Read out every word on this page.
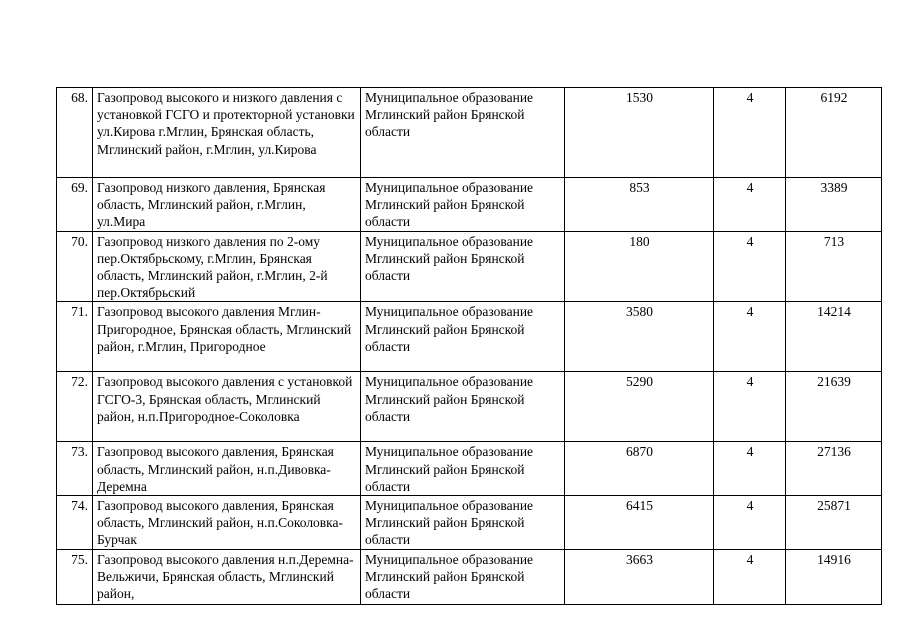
68.	Газопровод высокого и низкого давления с установкой ГСГО и протекторной установки ул.Кирова г.Мглин, Брянская область, Мглинский район, г.Мглин, ул.Кирова	Муниципальное образование Мглинский район Брянской области	1530	4	6192
69.	Газопровод низкого давления, Брянская область, Мглинский район, г.Мглин, ул.Мира	Муниципальное образование Мглинский район Брянской области	853	4	3389
70.	Газопровод низкого давления по 2-ому пер.Октябрьскому, г.Мглин, Брянская область, Мглинский район, г.Мглин, 2-й пер.Октябрьский	Муниципальное образование Мглинский район Брянской области	180	4	713
71.	Газопровод высокого давления Мглин-Пригородное, Брянская область, Мглинский район, г.Мглин, Пригородное	Муниципальное образование Мглинский район Брянской области	3580	4	14214
72.	Газопровод высокого давления с установкой ГСГО-3, Брянская область, Мглинский район, н.п.Пригородное-Соколовка	Муниципальное образование Мглинский район Брянской области	5290	4	21639
73.	Газопровод высокого давления, Брянская область, Мглинский район, н.п.Дивовка-Деремна	Муниципальное образование Мглинский район Брянской области	6870	4	27136
74.	Газопровод высокого давления, Брянская область, Мглинский район, н.п.Соколовка-Бурчак	Муниципальное образование Мглинский район Брянской области	6415	4	25871
75.	Газопровод высокого давления н.п.Деремна-Вельжичи, Брянская область, Мглинский район,	Муниципальное образование Мглинский район Брянской области	3663	4	14916
